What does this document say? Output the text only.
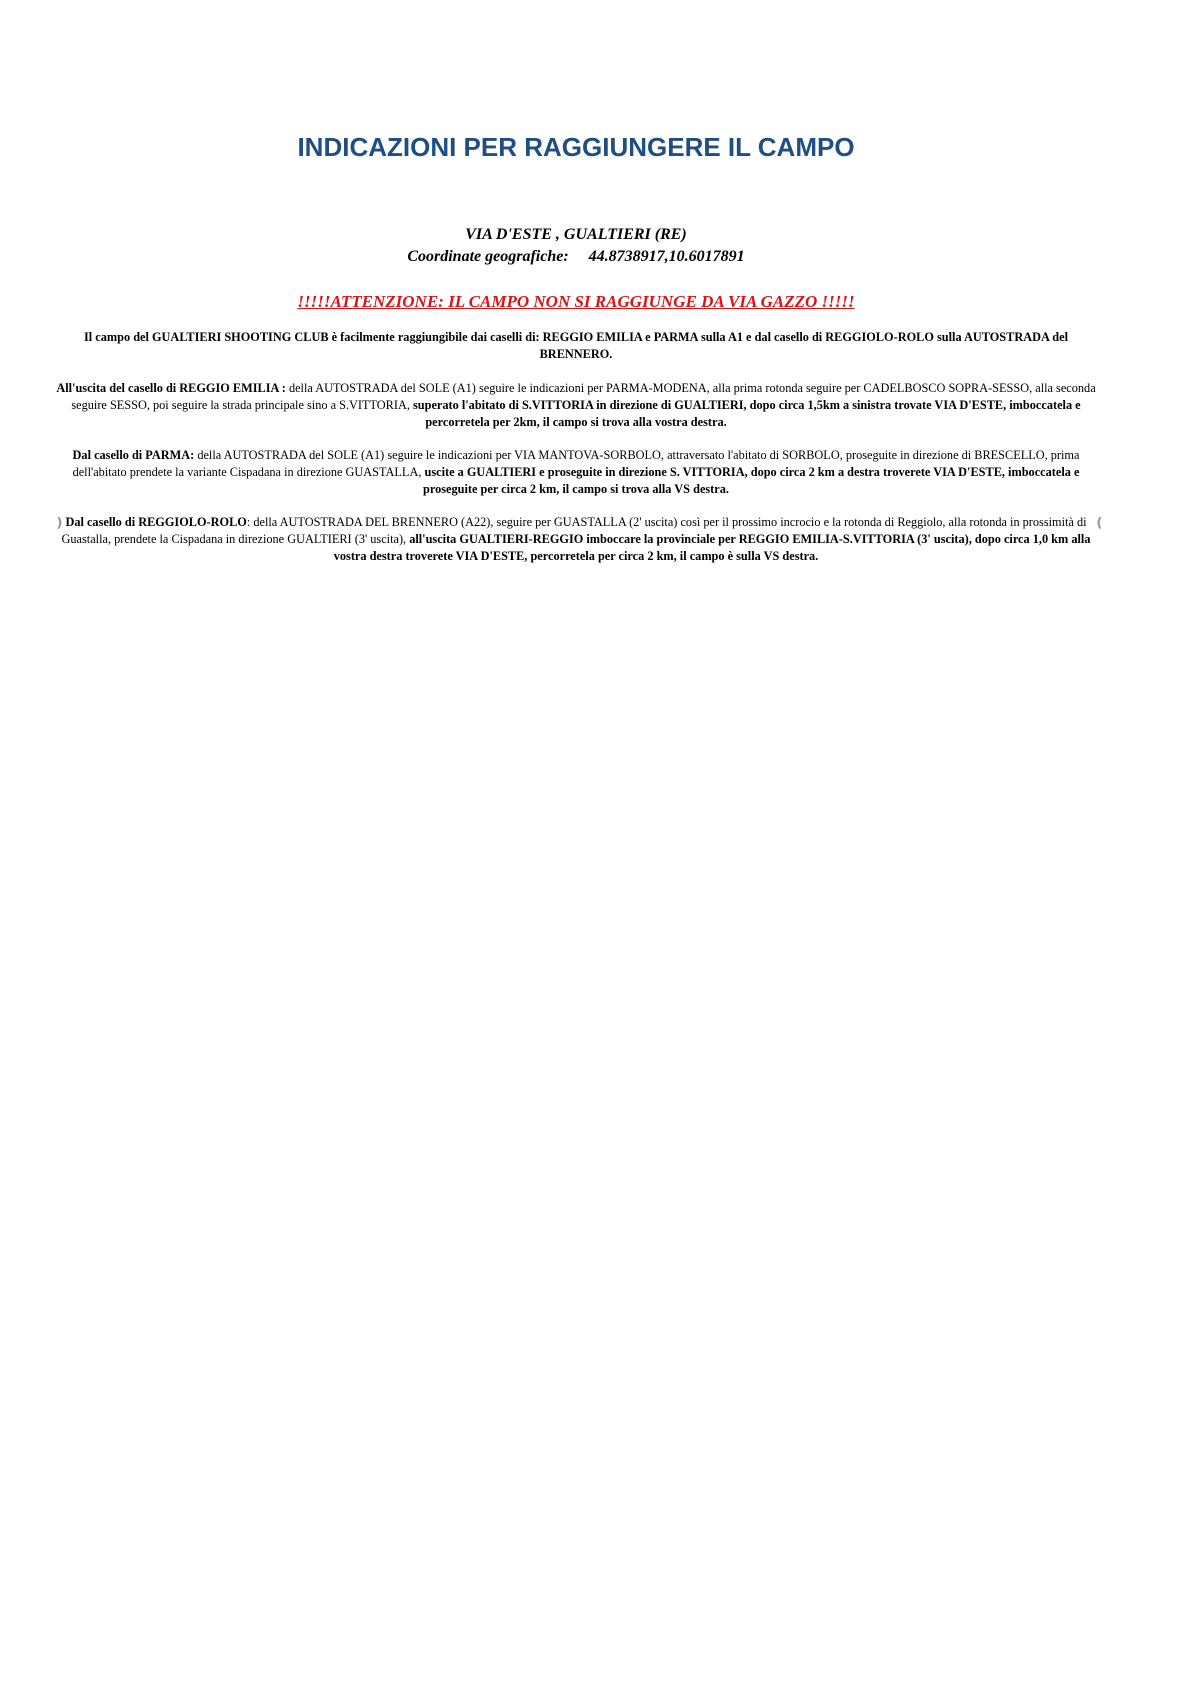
INDICAZIONI PER RAGGIUNGERE IL CAMPO
VIA D'ESTE , GUALTIERI (RE)
Coordinate geografiche: 44.8738917,10.6017891
!!!!!ATTENZIONE: IL CAMPO NON SI RAGGIUNGE DA VIA GAZZO !!!!!
Il campo del GUALTIERI SHOOTING CLUB è facilmente raggiungibile dai caselli di: REGGIO EMILIA e PARMA sulla A1 e dal casello di REGGIOLO-ROLO sulla AUTOSTRADA del BRENNERO.
All'uscita del casello di REGGIO EMILIA : della AUTOSTRADA del SOLE (A1) seguire le indicazioni per PARMA-MODENA, alla prima rotonda seguire per CADELBOSCO SOPRA-SESSO, alla seconda seguire SESSO, poi seguire la strada principale sino a S.VITTORIA, superato l'abitato di S.VITTORIA in direzione di GUALTIERI, dopo circa 1,5km a sinistra trovate VIA D'ESTE, imboccatela e percorretela per 2km, il campo si trova alla vostra destra.
Dal casello di PARMA: della AUTOSTRADA del SOLE (A1) seguire le indicazioni per VIA MANTOVA-SORBOLO, attraversato l'abitato di SORBOLO, proseguite in direzione di BRESCELLO, prima dell'abitato prendete la variante Cispadana in direzione GUASTALLA, uscite a GUALTIERI e proseguite in direzione S. VITTORIA, dopo circa 2 km a destra troverete VIA D'ESTE, imboccatela e proseguite per circa 2 km, il campo si trova alla VS destra.
❫ Dal casello di REGGIOLO-ROLO: della AUTOSTRADA DEL BRENNERO (A22), seguire per GUASTALLA (2' uscita) così per il prossimo incrocio e la rotonda di Reggiolo, alla rotonda in prossimità di Guastalla, prendete la Cispadana in direzione GUALTIERI (3' uscita), all'uscita GUALTIERI-REGGIO imboccare la provinciale per REGGIO EMILIA-S.VITTORIA (3' uscita), dopo circa 1,0 km alla vostra destra troverete VIA D'ESTE, percorretela per circa 2 km, il campo è sulla VS destra.
❪
